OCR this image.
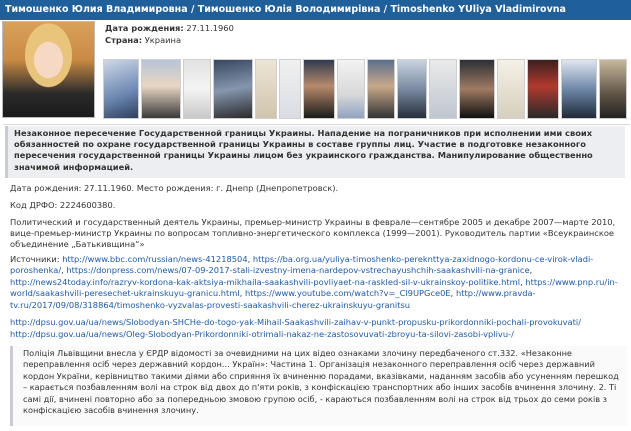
Тимошенко Юлия Владимировна / Тимошенко Юлія Володимирівна / Timoshenko YUliya Vladimirovna
Дата рождения: 27.11.1960
Страна: Украина
Незаконное пересечение Государственной границы Украины. Нападение на пограничников при исполнении ими своих обязанностей по охране государственной границы Украины в составе группы лиц. Участие в подготовке незаконного пересечения государственной границы Украины лицом без украинского гражданства. Манипулирование общественно значимой информацией.
Дата рождения: 27.11.1960. Место рождения: г. Днепр (Днепропетровск).
Код ДРФО: 2224600380.
Политический и государственный деятель Украины, премьер-министр Украины в феврале—сентябре 2005 и декабре 2007—марте 2010, вице-премьер-министр Украины по вопросам топливно-энергетического комплекса (1999—2001). Руководитель партии «Всеукраинское объединение „Батькивщина“»
Источники: http://www.bbc.com/russian/news-41218504, https://ba.org.ua/yuliya-timoshenko-pereknttya-zaxidnogo-kordonu-ce-virok-vladi-poroshenka/, https://donpress.com/news/07-09-2017-stali-izvestny-imena-nardepov-vstrechayushchih-saakashvili-na-granice, http://news24today.info/razryv-kordona-kak-aktsiya-mikhaila-saakashvili-povliyaet-na-raskled-sil-v-ukrainskoy-politike.html, https://www.pnp.ru/in-world/saakashvili-peresechet-ukrainskuyu-granicu.html, https://www.youtube.com/watch?v=_Cl9UPGce0E, http://www.pravda-tv.ru/2017/09/08/318864/timoshenko-vyzvalas-provesti-saakashvili-cherez-ukrainskuyu-granitsu
http://dpsu.gov.ua/ua/news/Slobodyan-SHCHe-do-togo-yak-Mihail-Saakashvili-zaihav-v-punkt-propusku-prikordonniki-pochali-provokuvati/
http://dpsu.gov.ua/ua/news/Oleg-Slobodyan-Prikordonniki-otrimali-nakaz-ne-zastosovuvati-zbroyu-ta-silovi-zasobi-vplivu-/
Поліція Львівщини внесла у ЄРДР відомості за очевидними на цих відео ознаками злочину передбаченого ст.332. «Незаконне переправлення осіб через державний кордон... Україн»: Частина 1. Організація незаконного переправлення осіб через державний кордон України, керівництво такими діями або сприяння їх вчиненню порадами, вказівками, наданням засобів або усуненням перешкод – карається позбавленням волі на строк від двох до п'яти років, з конфіскацією транспортних або інших засобів вчинення злочину. 2. Ті самі дії, вчинені повторно або за попередньою змовою групою осіб, - караються позбавленням волі на строк від трьох до семи років з конфіскацією засобів вчинення злочину.
